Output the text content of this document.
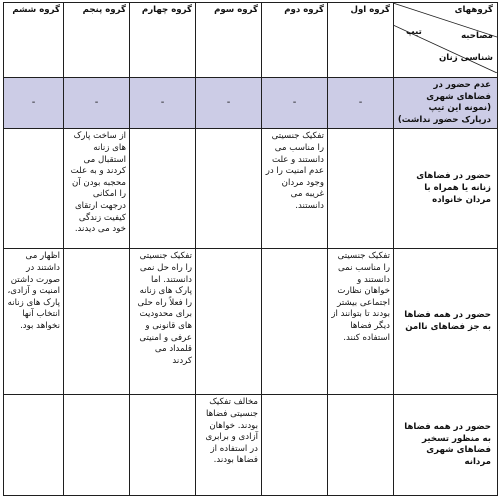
گروههای
مصاحبه
تیپ
شناسی زنان	گروه اول	گروه دوم	گروه سوم	گروه چهارم	گروه پنجم	گروه ششم
عدم حضور در فضاهای شهری (نمونه این تیپ درپارک حضور نداشت)	-	-	-	-	-	-
حضور در فضاهای زنانه یا همراه با مردان خانواده		تفکیک جنسیتی را مناسب می دانستند و علت عدم امنیت را در وجود مردان غریبه می دانستند.			از ساخت پارک های زنانه استقبال می کردند و به علت محجبه بودن آن را امکانی درجهت ارتقای کیفیت زندگی خود می دیدند.	
حضور در همه فضاها به جز فضاهای ناامن	تفکیک جنسیتی را مناسب نمی دانستند و خواهان نظارت اجتماعی بیشتر بودند تا بتوانند از دیگر فضاها استفاده کنند.			تفکیک جنسیتی را راه حل نمی دانستند. اما پارک های زنانه را فعلاً راه حلی برای محدودیت های قانونی و عرفی و امنیتی قلمداد می کردند		اظهار می داشتند در صورت داشتن امنیت و آزادی، پارک های زنانه انتخاب آنها نخواهد بود.
حضور در همه فضاها به منظور تسخیر فضاهای شهری مردانه			مخالف تفکیک جنسیتی فضاها بودند. خواهان آزادی و برابری در استفاده از فضاها بودند.			
